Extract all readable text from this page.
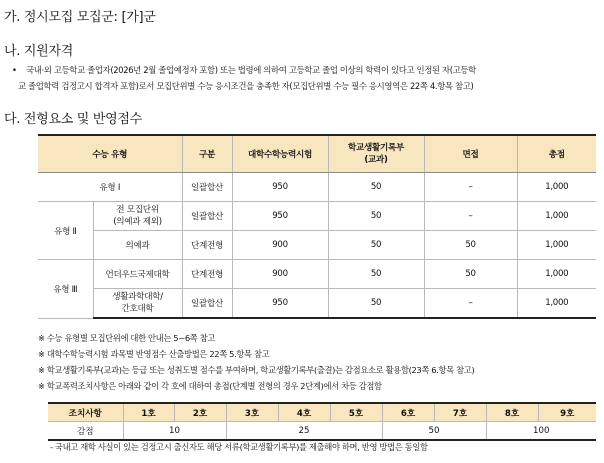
가. 정시모집 모집군: [가]군
나. 지원자격
• 국내·외 고등학교 졸업자(2026년 2월 졸업예정자 포함) 또는 법령에 의하여 고등학교 졸업 이상의 학력이 있다고 인정된 자(고등학
교 졸업학력 검정고시 합격자 포함)로서 모집단위별 수능 응시조건을 충족한 자(모집단위별 수능 필수 응시영역은 22쪽 4.항목 참고)
다. 전형요소 및 반영점수
수능 유형		구분	대학수학능력시험	학교생활기록부
(교과)	면접	총점
유형 Ⅰ		일괄합산	950	50	–	1,000
유형 Ⅱ	전 모집단위
(의예과 제외)	일괄합산	950	50	–	1,000
	의예과	단계전형	900	50	50	1,000
유형 Ⅲ	언더우드국제대학	단계전형	900	50	50	1,000

	생활과학대학/
간호대학	일괄합산	950	50	–	1,000
※ 수능 유형별 모집단위에 대한 안내는 5~6쪽 참고
※ 대학수학능력시험 과목별 반영점수 산출방법은 22쪽 5.항목 참고
※ 학교생활기록부(교과)는 등급 또는 성취도별 점수를 부여하며, 학교생활기록부(출결)는 감점요소로 활용함(23쪽 6.항목 참고)
※ 학교폭력조치사항은 아래와 같이 각 호에 대하여 총점(단계별 전형의 경우 2단계)에서 차등 감점함
조치사항	1호	2호	3호	4호	5호	6호	7호	8호	9호
감점	10		25			50		100	
- 국내고 재학 사실이 있는 검정고시 출신자도 해당 서류(학교생활기록부)를 제출해야 하며, 반영 방법은 동일함
